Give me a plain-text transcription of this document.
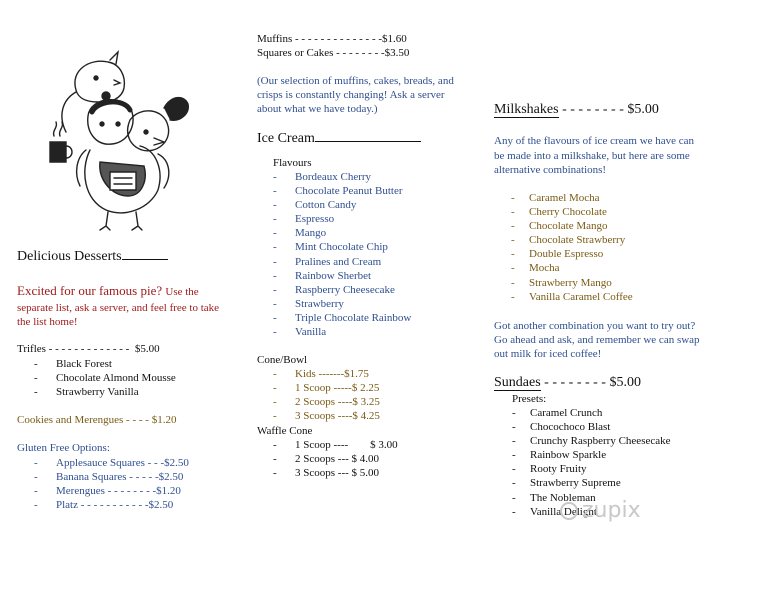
Delicious Desserts
Excited for our famous pie? Use the
separate list, ask a server, and feel free to take
the list home!
Trifles - - - - - - - - - - - - - $5.00
- Black Forest
- Chocolate Almond Mousse
- Strawberry Vanilla
Cookies and Merengues - - - - $1.20
Gluten Free Options:
- Applesauce Squares - - -$2.50
- Banana Squares - - - - -$2.50
- Merengues - - - - - - - -$1.20
- Platz - - - - - - - - - - -$2.50
Muffins - - - - - - - - - - - - - -$1.60
Squares or Cakes - - - - - - - -$3.50
(Our selection of muffins, cakes, breads, and
crisps is constantly changing! Ask a server
about what we have today.)
Ice Cream
Flavours
- Bordeaux Cherry
- Chocolate Peanut Butter
- Cotton Candy
- Espresso
- Mango
- Mint Chocolate Chip
- Pralines and Cream
- Rainbow Sherbet
- Raspberry Cheesecake
- Strawberry
- Triple Chocolate Rainbow
- Vanilla
Cone/Bowl
- Kids -------$1.75
- 1 Scoop -----$ 2.25
- 2 Scoops ----$ 3.25
- 3 Scoops ----$ 4.25
Waffle Cone
- 1 Scoop ----        $ 3.00
- 2 Scoops --- $ 4.00
- 3 Scoops --- $ 5.00
Milkshakes - - - - - - - - $5.00
Any of the flavours of ice cream we have can
be made into a milkshake, but here are some
alternative combinations!
- Caramel Mocha
- Cherry Chocolate
- Chocolate Mango
- Chocolate Strawberry
- Double Espresso
- Mocha
- Strawberry Mango
- Vanilla Caramel Coffee
Got another combination you want to try out?
Go ahead and ask, and remember we can swap
out milk for iced coffee!
Sundaes - - - - - - - - $5.00
Presets:
- Caramel Crunch
- Chocochoco Blast
- Crunchy Raspberry Cheesecake
- Rainbow Sparkle
- Rooty Fruity
- Strawberry Supreme
- The Nobleman
- Vanilla Delight
zupix
